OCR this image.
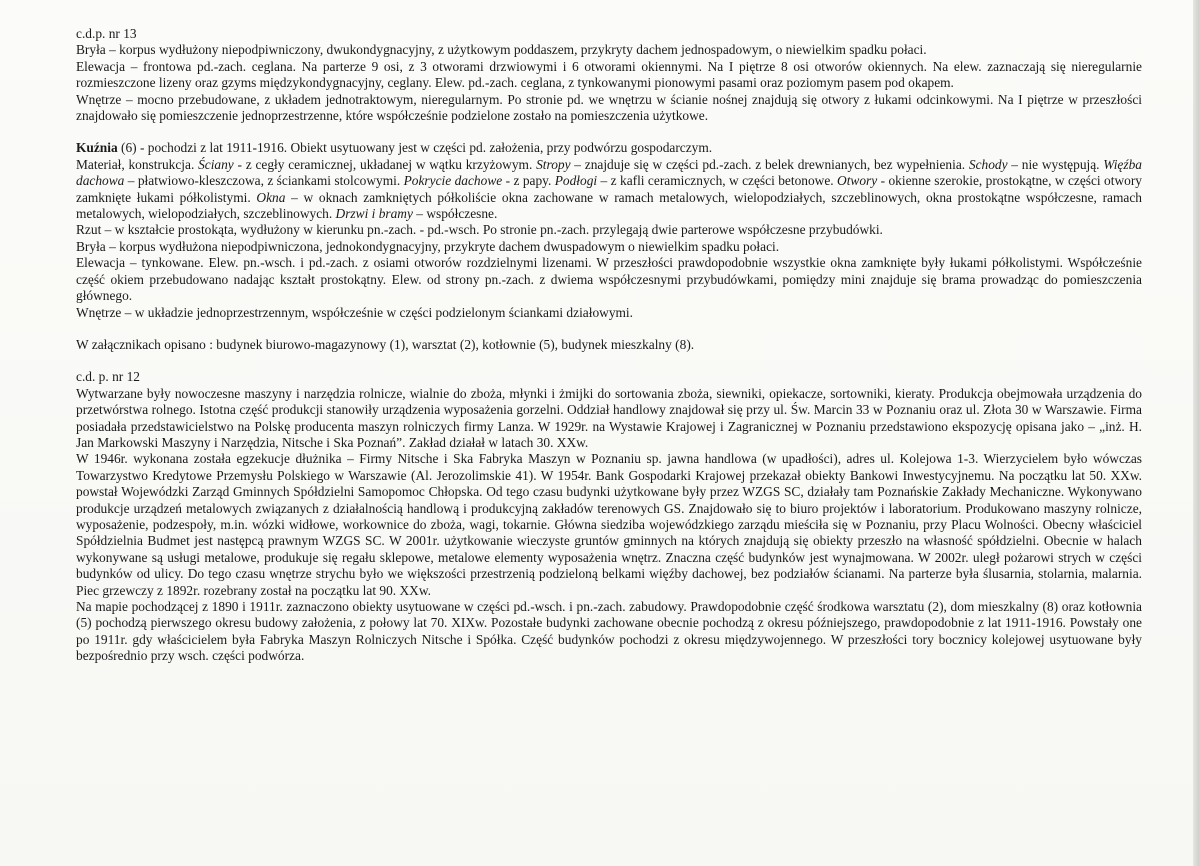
c.d.p. nr 13

Bryła – korpus wydłużony niepodpiwniczony, dwukondygnacyjny, z użytkowym poddaszem, przykryty dachem jednospadowym, o niewielkim spadku połaci.

Elewacja – frontowa pd.-zach. ceglana. Na parterze 9 osi, z 3 otworami drzwiowymi i 6 otworami okiennymi. Na I piętrze 8 osi otworów okiennych. Na elew. zaznaczają się nieregularnie rozmieszczone lizeny oraz gzyms międzykondygnacyjny, ceglany. Elew. pd.-zach. ceglana, z tynkowanymi pionowymi pasami oraz poziomym pasem pod okapem.

Wnętrze – mocno przebudowane, z układem jednotraktowym, nieregularnym. Po stronie pd. we wnętrzu w ścianie nośnej znajdują się otwory z łukami odcinkowymi. Na I piętrze w przeszłości znajdowało się pomieszczenie jednoprzestrzenne, które współcześnie podzielone zostało na pomieszczenia użytkowe.

Kuźnia (6) - pochodzi z lat 1911-1916. Obiekt usytuowany jest w części pd. założenia, przy podwórzu gospodarczym.

Materiał, konstrukcja. Ściany - z cegły ceramicznej, układanej w wątku krzyżowym. Stropy – znajduje się w części pd.-zach. z belek drewnianych, bez wypełnienia. Schody – nie występują. Więźba dachowa – płatwiowo-kleszczowa, z ściankami stolcowymi. Pokrycie dachowe - z papy. Podłogi – z kafli ceramicznych, w części betonowe. Otwory - okienne szerokie, prostokątne, w części otwory zamknięte łukami półkolistymi. Okna – w oknach zamkniętych półkoliście okna zachowane w ramach metalowych, wielopodziałych, szczeblinowych, okna prostokątne współczesne, ramach metalowych, wielopodziałych, szczeblinowych. Drzwi i bramy – współczesne.

Rzut – w kształcie prostokąta, wydłużony w kierunku pn.-zach. - pd.-wsch. Po stronie pn.-zach. przylegają dwie parterowe współczesne przybudówki.

Bryła – korpus wydłużona niepodpiwniczona, jednokondygnacyjny, przykryte dachem dwuspadowym o niewielkim spadku połaci.

Elewacja – tynkowane. Elew. pn.-wsch. i pd.-zach. z osiami otworów rozdzielnymi lizenami. W przeszłości prawdopodobnie wszystkie okna zamknięte były łukami półkolistymi. Współcześnie część okiem przebudowano nadając kształt prostokątny. Elew. od strony pn.-zach. z dwiema współczesnymi przybudówkami, pomiędzy mini znajduje się brama prowadząc do pomieszczenia głównego.

Wnętrze – w układzie jednoprzestrzennym, współcześnie w części podzielonym ściankami działowymi.

W załącznikach opisano : budynek biurowo-magazynowy (1), warsztat (2), kotłownie (5), budynek mieszkalny (8).

c.d. p. nr 12

Wytwarzane były nowoczesne maszyny i narzędzia rolnicze, wialnie do zboża, młynki i żmijki do sortowania zboża, siewniki, opiekacze, sortowniki, kieraty. Produkcja obejmowała urządzenia do przetwórstwa rolnego. Istotna część produkcji stanowiły urządzenia wyposażenia gorzelni. Oddział handlowy znajdował się przy ul. Św. Marcin 33 w Poznaniu oraz ul. Złota 30 w Warszawie. Firma posiadała przedstawicielstwo na Polskę producenta maszyn rolniczych firmy Lanza. W 1929r. na Wystawie Krajowej i Zagranicznej w Poznaniu przedstawiono ekspozycję opisana jako – „inż. H. Jan Markowski Maszyny i Narzędzia, Nitsche i Ska Poznań”. Zakład działał w latach 30. XXw.

W 1946r. wykonana została egzekucje dłużnika – Firmy Nitsche i Ska Fabryka Maszyn w Poznaniu sp. jawna handlowa (w upadłości), adres ul. Kolejowa 1-3. Wierzycielem było wówczas Towarzystwo Kredytowe Przemysłu Polskiego w Warszawie (Al. Jerozolimskie 41). W 1954r. Bank Gospodarki Krajowej przekazał obiekty Bankowi Inwestycyjnemu. Na początku lat 50. XXw. powstał Wojewódzki Zarząd Gminnych Spółdzielni Samopomoc Chłopska. Od tego czasu budynki użytkowane były przez WZGS SC, działały tam Poznańskie Zakłady Mechaniczne. Wykonywano produkcje urządzeń metalowych związanych z działalnością handlową i produkcyjną zakładów terenowych GS. Znajdowało się to biuro projektów i laboratorium. Produkowano maszyny rolnicze, wyposażenie, podzespoły, m.in. wózki widłowe, workownice do zboża, wagi, tokarnie. Główna siedziba wojewódzkiego zarządu mieściła się w Poznaniu, przy Placu Wolności. Obecny właściciel Spółdzielnia Budmet jest następcą prawnym WZGS SC. W 2001r. użytkowanie wieczyste gruntów gminnych na których znajdują się obiekty przeszło na własność spółdzielni. Obecnie w halach wykonywane są usługi metalowe, produkuje się regału sklepowe, metalowe elementy wyposażenia wnętrz. Znaczna część budynków jest wynajmowana. W 2002r. uległ pożarowi strych w części budynków od ulicy. Do tego czasu wnętrze strychu było we większości przestrzenią podzieloną belkami więźby dachowej, bez podziałów ścianami. Na parterze była ślusarnia, stolarnia, malarnia. Piec grzewczy z 1892r. rozebrany został na początku lat 90. XXw.

Na mapie pochodzącej z 1890 i 1911r. zaznaczono obiekty usytuowane w części pd.-wsch. i pn.-zach. zabudowy. Prawdopodobnie część środkowa warsztatu (2), dom mieszkalny (8) oraz kotłownia (5) pochodzą pierwszego okresu budowy założenia, z połowy lat 70. XIXw. Pozostałe budynki zachowane obecnie pochodzą z okresu późniejszego, prawdopodobnie z lat 1911-1916. Powstały one po 1911r. gdy właścicielem była Fabryka Maszyn Rolniczych Nitsche i Spółka. Część budynków pochodzi z okresu międzywojennego. W przeszłości tory bocznicy kolejowej usytuowane były bezpośrednio przy wsch. części podwórza.
